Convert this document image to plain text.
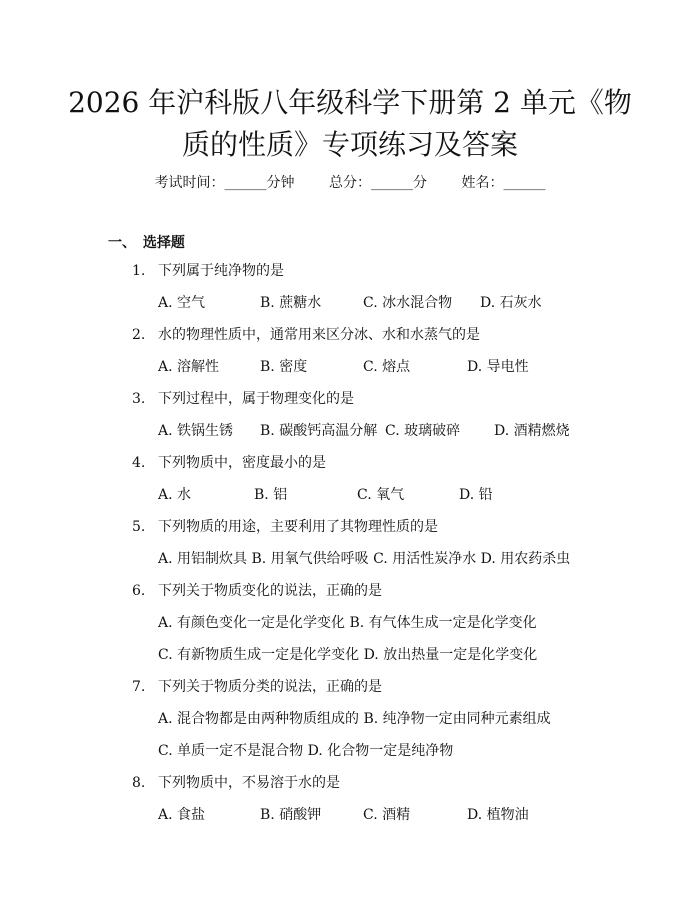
2026 年沪科版八年级科学下册第 2 单元《物
质的性质》专项练习及答案
考试时间：______分钟 总分：______分 姓名：______
一、 选择题
1. 下列属于纯净物的是
A. 空气	B. 蔗糖水	C. 冰水混合物 D. 石灰水
2. 水的物理性质中，通常用来区分冰、水和水蒸气的是
A. 溶解性	B. 密度	C. 熔点	D. 导电性
3. 下列过程中，属于物理变化的是
A. 铁锅生锈 B. 碳酸钙高温分解 C. 玻璃破碎 D. 酒精燃烧
4. 下列物质中，密度最小的是
A. 水	B. 铝	C. 氧气	D. 铅
5. 下列物质的用途，主要利用了其物理性质的是
A. 用铝制炊具 B. 用氧气供给呼吸 C. 用活性炭净水 D. 用农药杀虫
6. 下列关于物质变化的说法，正确的是
A. 有颜色变化一定是化学变化 B. 有气体生成一定是化学变化
C. 有新物质生成一定是化学变化 D. 放出热量一定是化学变化
7. 下列关于物质分类的说法，正确的是
A. 混合物都是由两种物质组成的 B. 纯净物一定由同种元素组成
C. 单质一定不是混合物 D. 化合物一定是纯净物
8. 下列物质中，不易溶于水的是
A. 食盐	B. 硝酸钾	C. 酒精	D. 植物油
